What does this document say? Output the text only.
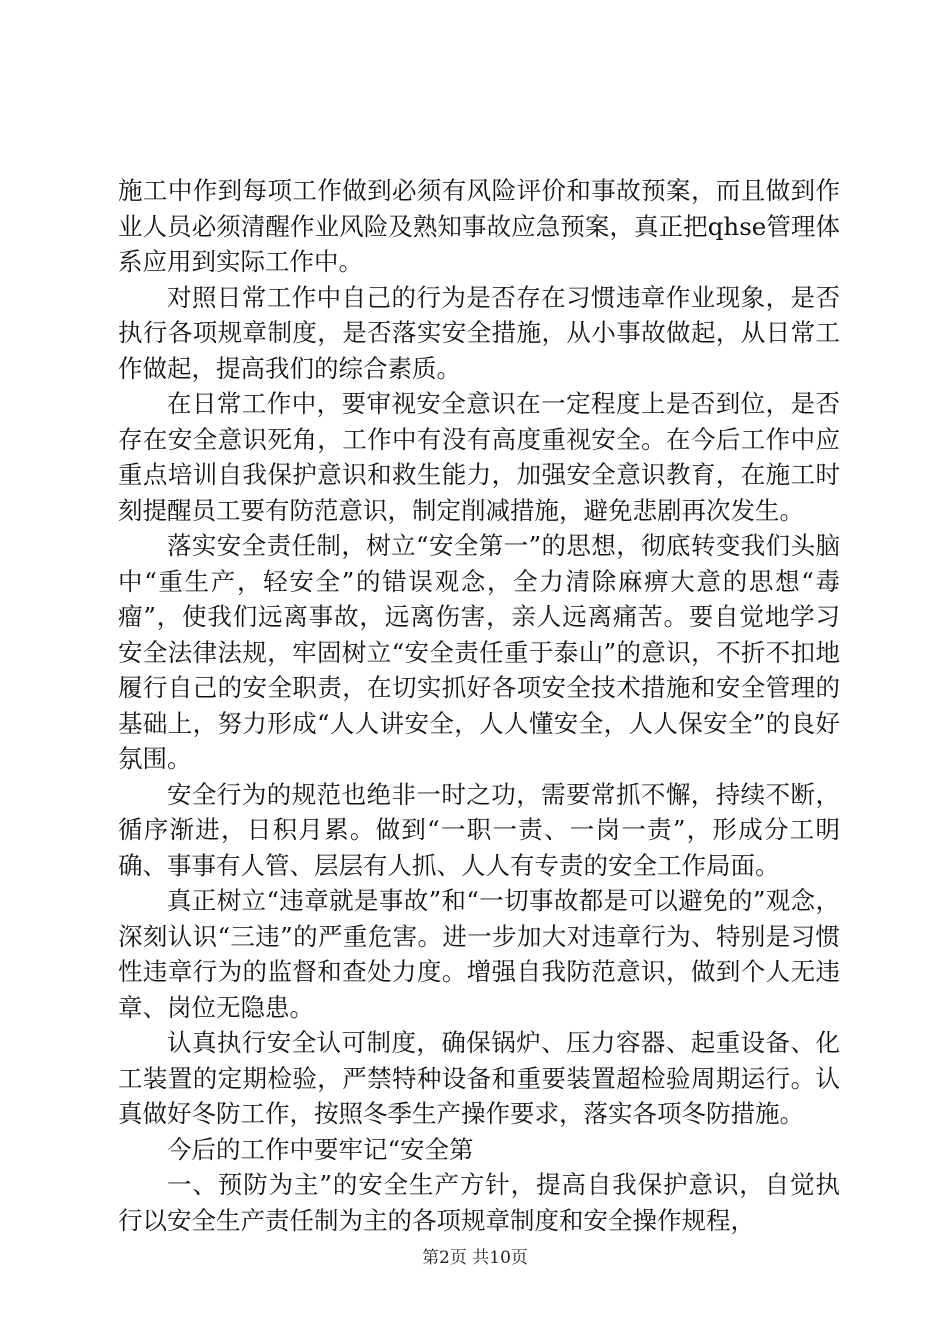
施工中作到每项工作做到必须有风险评价和事故预案，而且做到作业人员必须清醒作业风险及熟知事故应急预案，真正把qhse管理体系应用到实际工作中。

对照日常工作中自己的行为是否存在习惯违章作业现象，是否执行各项规章制度，是否落实安全措施，从小事故做起，从日常工作做起，提高我们的综合素质。

在日常工作中，要审视安全意识在一定程度上是否到位，是否存在安全意识死角，工作中有没有高度重视安全。在今后工作中应重点培训自我保护意识和救生能力，加强安全意识教育，在施工时刻提醒员工要有防范意识，制定削减措施，避免悲剧再次发生。

落实安全责任制，树立“安全第一”的思想，彻底转变我们头脑中“重生产，轻安全”的错误观念，全力清除麻痹大意的思想“毒瘤”，使我们远离事故，远离伤害，亲人远离痛苦。要自觉地学习安全法律法规，牢固树立“安全责任重于泰山”的意识，不折不扣地履行自己的安全职责，在切实抓好各项安全技术措施和安全管理的基础上，努力形成“人人讲安全，人人懂安全，人人保安全”的良好氛围。

安全行为的规范也绝非一时之功，需要常抓不懈，持续不断，循序渐进，日积月累。做到“一职一责、一岗一责”，形成分工明确、事事有人管、层层有人抓、人人有专责的安全工作局面。

真正树立“违章就是事故”和“一切事故都是可以避免的”观念，深刻认识“三违”的严重危害。进一步加大对违章行为、特别是习惯性违章行为的监督和查处力度。增强自我防范意识，做到个人无违章、岗位无隐患。

认真执行安全认可制度，确保锅炉、压力容器、起重设备、化工装置的定期检验，严禁特种设备和重要装置超检验周期运行。认真做好冬防工作，按照冬季生产操作要求，落实各项冬防措施。

今后的工作中要牢记“安全第

一、预防为主”的安全生产方针，提高自我保护意识，自觉执行以安全生产责任制为主的各项规章制度和安全操作规程，

第2页 共10页
